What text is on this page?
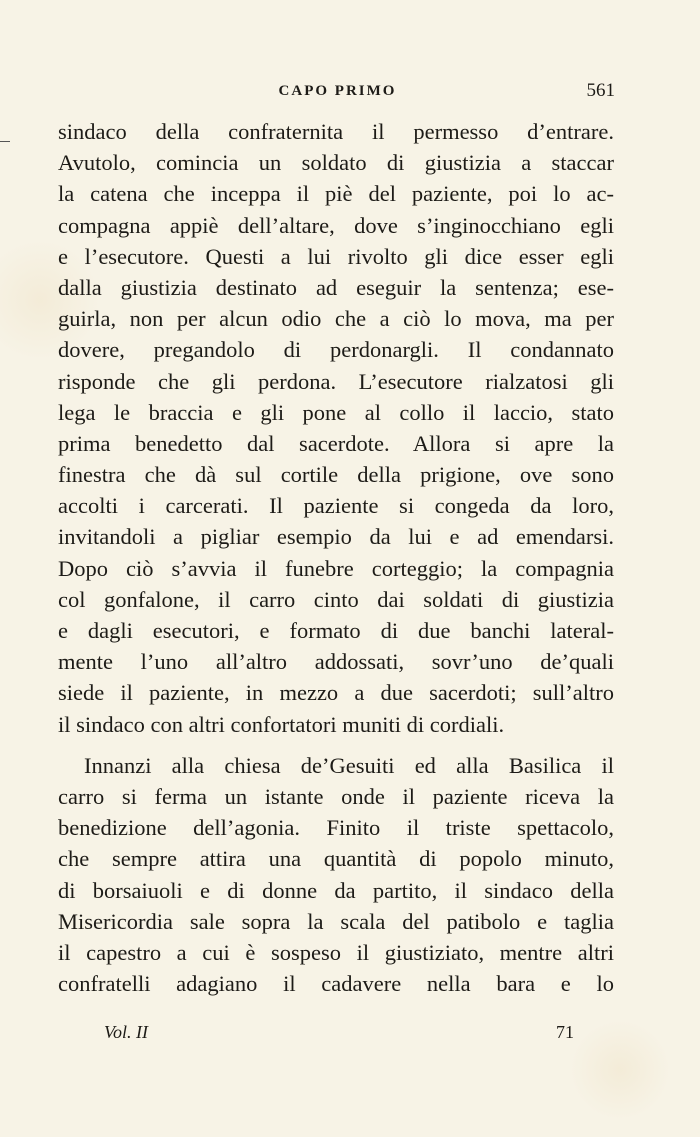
CAPO PRIMO	561
sindaco della confraternita il permesso d’entrare.
Avutolo, comincia un soldato di giustizia a staccar
la catena che inceppa il piè del paziente, poi lo ac-
compagna appiè dell’altare, dove s’inginocchiano egli
e l’esecutore. Questi a lui rivolto gli dice esser egli
dalla giustizia destinato ad eseguir la sentenza; ese-
guirla, non per alcun odio che a ciò lo mova, ma per
dovere, pregandolo di perdonargli. Il condannato
risponde che gli perdona. L’esecutore rialzatosi gli
lega le braccia e gli pone al collo il laccio, stato
prima benedetto dal sacerdote. Allora si apre la
finestra che dà sul cortile della prigione, ove sono
accolti i carcerati. Il paziente si congeda da loro,
invitandoli a pigliar esempio da lui e ad emendarsi.
Dopo ciò s’avvia il funebre corteggio; la compagnia
col gonfalone, il carro cinto dai soldati di giustizia
e dagli esecutori, e formato di due banchi lateral-
mente l’uno all’altro addossati, sovr’uno de’quali
siede il paziente, in mezzo a due sacerdoti; sull’altro
il sindaco con altri confortatori muniti di cordiali.
Innanzi alla chiesa de’Gesuiti ed alla Basilica il
carro si ferma un istante onde il paziente riceva la
benedizione dell’agonia. Finito il triste spettacolo,
che sempre attira una quantità di popolo minuto,
di borsaiuoli e di donne da partito, il sindaco della
Misericordia sale sopra la scala del patibolo e taglia
il capestro a cui è sospeso il giustiziato, mentre altri
confratelli adagiano il cadavere nella bara e lo
Vol. II	71
